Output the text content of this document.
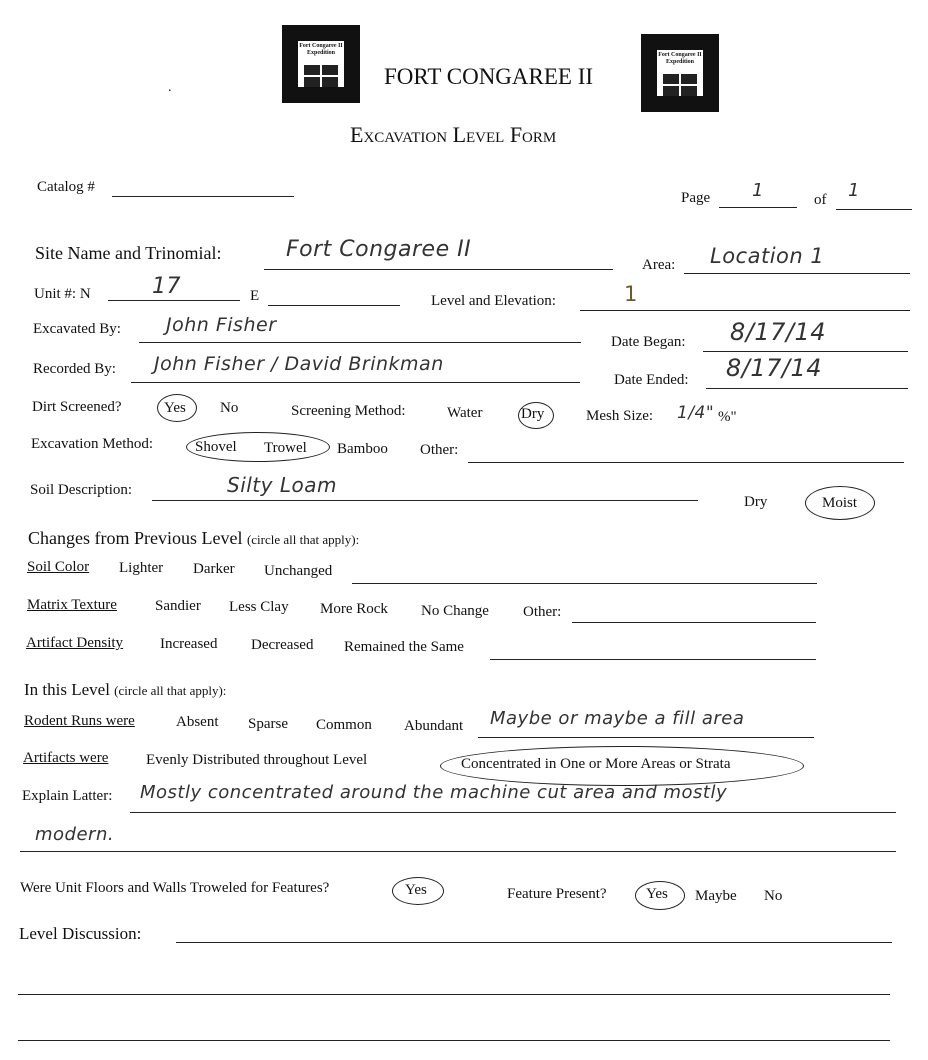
Fort Congaree II Expedition	Fort Congaree II Expedition
.	FORT CONGAREE II
Excavation Level Form
Catalog #
Page 1	of 1
Site Name and Trinomial:	Fort Congaree II
Area: Location 1
Unit #: N	17	E	Level and Elevation:	1
Excavated By: John Fisher
Date Began: 8/17/14
Recorded By: John Fisher / David Brinkman
Date Ended: 8/17/14
Dirt Screened?	Yes No	Screening Method:	Water	Dry	Mesh Size: 1/4" %"
Excavation Method:	Shovel Trowel Bamboo Other:
Soil Description:	Silty Loam
Dry	Moist
Changes from Previous Level (circle all that apply):
Soil Color Lighter Darker Unchanged
Matrix Texture	Sandier Less Clay More Rock No Change Other:
Artifact Density Increased Decreased Remained the Same
In this Level (circle all that apply):
Rodent Runs were	Absent Sparse Common Abundant Maybe or maybe a fill area
Artifacts were	Evenly Distributed throughout Level	Concentrated in One or More Areas or Strata
Explain Latter: Mostly concentrated around the machine cut area and mostly
modern.
Were Unit Floors and Walls Troweled for Features?	Yes	Feature Present?	Yes Maybe No
Level Discussion:
